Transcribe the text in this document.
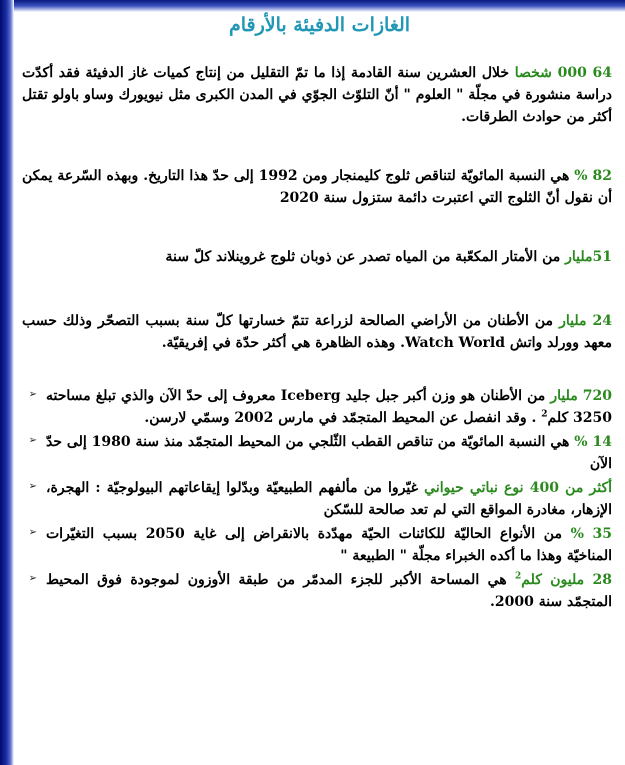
الغازات الدفيئة بالأرقام

64 000 شخصا خلال العشرين سنة القادمة إذا ما تمّ التقليل من إنتاج كميات غاز الدفيئة فقد أكدّت دراسة منشورة في مجلّة " العلوم " أنّ التلوّث الجوّي في المدن الكبرى مثل نيويورك وساو باولو تقتل أكثر من حوادث الطرقات.

82 % هي النسبة المائويّة لتناقص ثلوج كليمنجار ومن 1992 إلى حدّ هذا التاريخ. وبهذه السّرعة يمكن أن نقول أنّ الثلوج التي اعتبرت دائمة ستزول سنة 2020

51مليار من الأمتار المكعّبة من المياه تصدر عن ذوبان ثلوج غروينلاند كلّ سنة

24 مليار من الأطنان من الأراضي الصالحة لزراعة تتمّ خسارتها كلّ سنة بسبب التصحّر وذلك حسب معهد وورلد واتش Watch World. وهذه الظاهرة هي أكثر حدّة في إفريقيّة.

➢	720 مليار من الأطنان هو وزن أكبر جبل جليد Iceberg معروف إلى حدّ الآن والذي تبلغ مساحته 3250 كلم$^2$ . وقد انفصل عن المحيط المتجمّد في مارس 2002 وسمّي لارسن.
➢	14 % هي النسبة المائويّة من تناقص القطب الثّلجي من المحيط المتجمّد منذ سنة 1980 إلى حدّ الآن
➢	أكثر من 400 نوع نباتي حيواني غيّروا من مألفهم الطبيعيّة وبدّلوا إيقاعاتهم البيولوجيّة : الهجرة، الإزهار، مغادرة المواقع التي لم تعد صالحة للسّكن
➢	35 % من الأنواع الحاليّة للكائنات الحيّة مهدّدة بالانقراض إلى غاية 2050 بسبب التغيّرات المناخيّة وهذا ما أكده الخبراء مجلّة " الطبيعة "
➢	28 مليون كلم$^2$ هي المساحة الأكبر للجزء المدمّر من طبقة الأوزون لموجودة فوق المحيط المتجمّد سنة 2000.
